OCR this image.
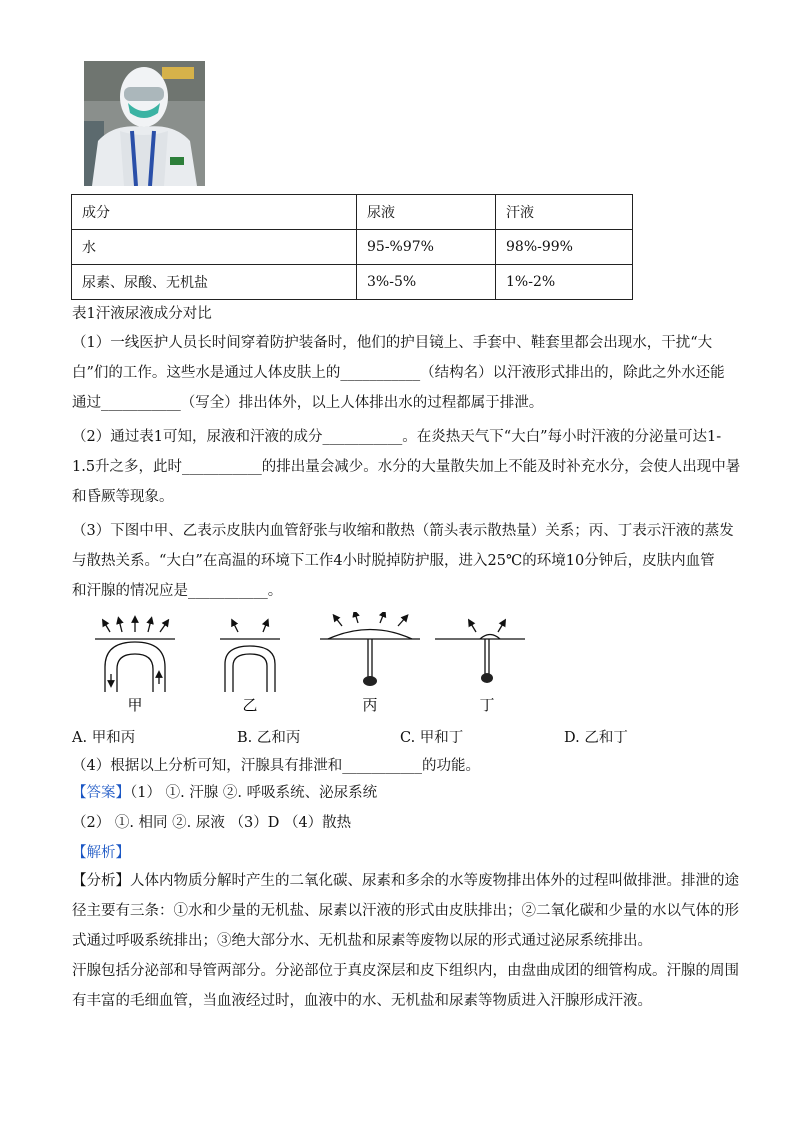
成分	尿液	汗液
水	95-%97%	98%-99%
尿素、尿酸、无机盐	3%-5%	1%-2%
表1汗液尿液成分对比
（1）一线医护人员长时间穿着防护装备时，他们的护目镜上、手套中、鞋套里都会出现水，干扰“大
白”们的工作。这些水是通过人体皮肤上的___________（结构名）以汗液形式排出的，除此之外水还能
通过___________（写全）排出体外，以上人体排出水的过程都属于排泄。
（2）通过表1可知，尿液和汗液的成分___________。在炎热天气下“大白”每小时汗液的分泌量可达1-
1.5升之多，此时___________的排出量会减少。水分的大量散失加上不能及时补充水分，会使人出现中暑
和昏厥等现象。
（3）下图中甲、乙表示皮肤内血管舒张与收缩和散热（箭头表示散热量）关系；丙、丁表示汗液的蒸发
与散热关系。“大白”在高温的环境下工作4小时脱掉防护服，进入25℃的环境10分钟后，皮肤内血管
和汗腺的情况应是___________。
甲	乙	丙	丁
A. 甲和丙	B. 乙和丙	C. 甲和丁	D. 乙和丁
（4）根据以上分析可知，汗腺具有排泄和___________的功能。
【答案】（1） ①. 汗腺 ②. 呼吸系统、泌尿系统
（2） ①. 相同 ②. 尿液 （3）D （4）散热
【解析】
【分析】人体内物质分解时产生的二氧化碳、尿素和多余的水等废物排出体外的过程叫做排泄。排泄的途
径主要有三条：①水和少量的无机盐、尿素以汗液的形式由皮肤排出；②二氧化碳和少量的水以气体的形
式通过呼吸系统排出；③绝大部分水、无机盐和尿素等废物以尿的形式通过泌尿系统排出。
汗腺包括分泌部和导管两部分。分泌部位于真皮深层和皮下组织内，由盘曲成团的细管构成。汗腺的周围
有丰富的毛细血管，当血液经过时，血液中的水、无机盐和尿素等物质进入汗腺形成汗液。
